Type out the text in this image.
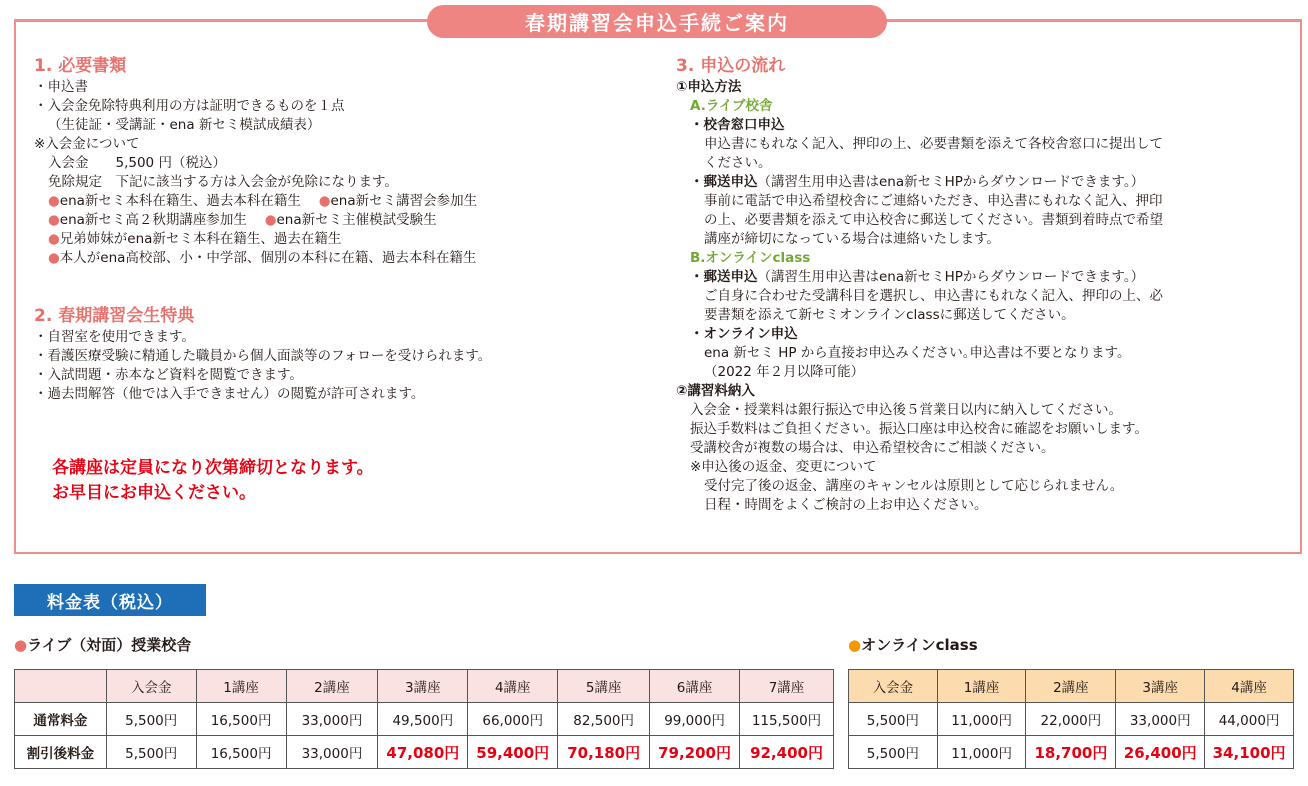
春期講習会申込手続ご案内
1. 必要書類
・申込書
・入会金免除特典利用の方は証明できるものを１点
（生徒証・受講証・ena 新セミ模試成績表）
※入会金について
入会金　　5,500 円（税込）
免除規定　下記に該当する方は入会金が免除になります。
●ena新セミ本科在籍生、過去本科在籍生　 ●ena新セミ講習会参加生
●ena新セミ高２秋期講座参加生　 ●ena新セミ主催模試受験生
●兄弟姉妹がena新セミ本科在籍生、過去在籍生
●本人がena高校部、小・中学部、個別の本科に在籍、過去本科在籍生
2. 春期講習会生特典
・自習室を使用できます。
・看護医療受験に精通した職員から個人面談等のフォローを受けられます。
・入試問題・赤本など資料を閲覧できます。
・過去問解答（他では入手できません）の閲覧が許可されます。
各講座は定員になり次第締切となります。
お早目にお申込ください。
3. 申込の流れ
①申込方法
A.ライブ校舎
・校舎窓口申込
申込書にもれなく記入、押印の上、必要書類を添えて各校舎窓口に提出して
ください。
・郵送申込（講習生用申込書はena新セミHPからダウンロードできます。）
事前に電話で申込希望校舎にご連絡いただき、申込書にもれなく記入、押印
の上、必要書類を添えて申込校舎に郵送してください。書類到着時点で希望
講座が締切になっている場合は連絡いたします。
B.オンラインclass
・郵送申込（講習生用申込書はena新セミHPからダウンロードできます。）
ご自身に合わせた受講科目を選択し、申込書にもれなく記入、押印の上、必
要書類を添えて新セミオンラインclassに郵送してください。
・オンライン申込
ena 新セミ HP から直接お申込みください｡申込書は不要となります。
（2022 年２月以降可能）
②講習料納入
入会金・授業料は銀行振込で申込後５営業日以内に納入してください。
振込手数料はご負担ください。振込口座は申込校舎に確認をお願いします。
受講校舎が複数の場合は、申込希望校舎にご相談ください。
※申込後の返金、変更について
受付完了後の返金、講座のキャンセルは原則として応じられません。
日程・時間をよくご検討の上お申込ください。
料金表（税込）
●ライブ（対面）授業校舎	●オンラインclass
	入会金	1講座	2講座	3講座	4講座	5講座	6講座	7講座
通常料金	5,500円	16,500円	33,000円	49,500円	66,000円	82,500円	99,000円	115,500円
割引後料金	5,500円	16,500円	33,000円	47,080円	59,400円	70,180円	79,200円	92,400円
入会金	1講座	2講座	3講座	4講座
5,500円	11,000円	22,000円	33,000円	44,000円
5,500円	11,000円	18,700円	26,400円	34,100円
